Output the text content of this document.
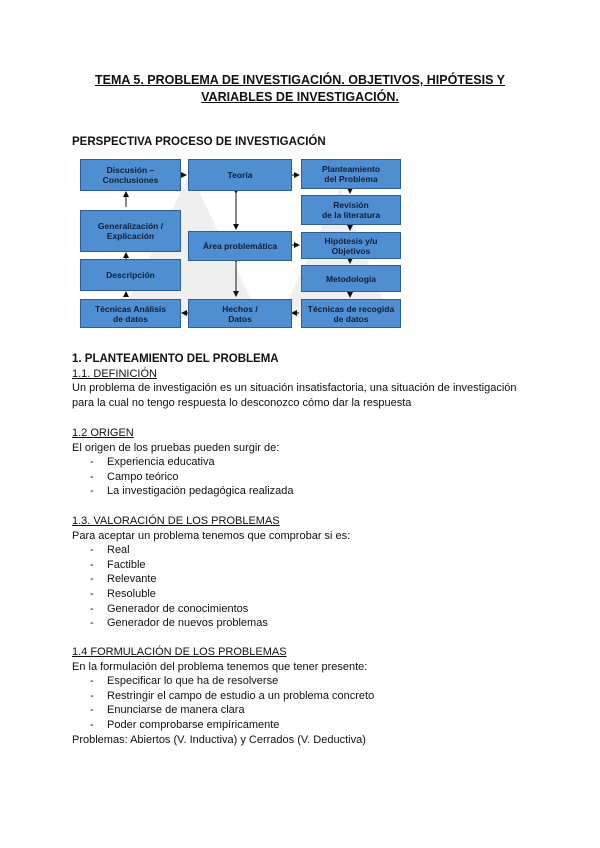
TEMA 5. PROBLEMA DE INVESTIGACIÓN. OBJETIVOS, HIPÓTESIS Y
VARIABLES DE INVESTIGACIÓN.
PERSPECTIVA PROCESO DE INVESTIGACIÓN
Discusión –
Conclusiones	Teoría
Planteamiento
del Problema
Revisión
de la literatura
Generalización /
Explicación
Área problemática
Hipótesis y/u
Objetivos
Descripción	Metodología
Técnicas Análisis
de datos
Hechos /
Datos
Técnicas de recogida
de datos
1. PLANTEAMIENTO DEL PROBLEMA
1.1. DEFINICIÓN
Un problema de investigación es un situación insatisfactoria, una situación de investigación
para la cual no tengo respuesta lo desconozco cómo dar la respuesta
1.2 ORIGEN
El origen de los pruebas pueden surgir de:
- Experiencia educativa
- Campo teórico
- La investigación pedagógica realizada
1.3. VALORACIÓN DE LOS PROBLEMAS
Para aceptar un problema tenemos que comprobar si es:
- Real
- Factible
- Relevante
- Resoluble
- Generador de conocimientos
- Generador de nuevos problemas
1.4 FORMULACIÓN DE LOS PROBLEMAS
En la formulación del problema tenemos que tener presente:
- Especificar lo que ha de resolverse
- Restringir el campo de estudio a un problema concreto
- Enunciarse de manera clara
- Poder comprobarse empíricamente
Problemas: Abiertos (V. Inductiva) y Cerrados (V. Deductiva)
